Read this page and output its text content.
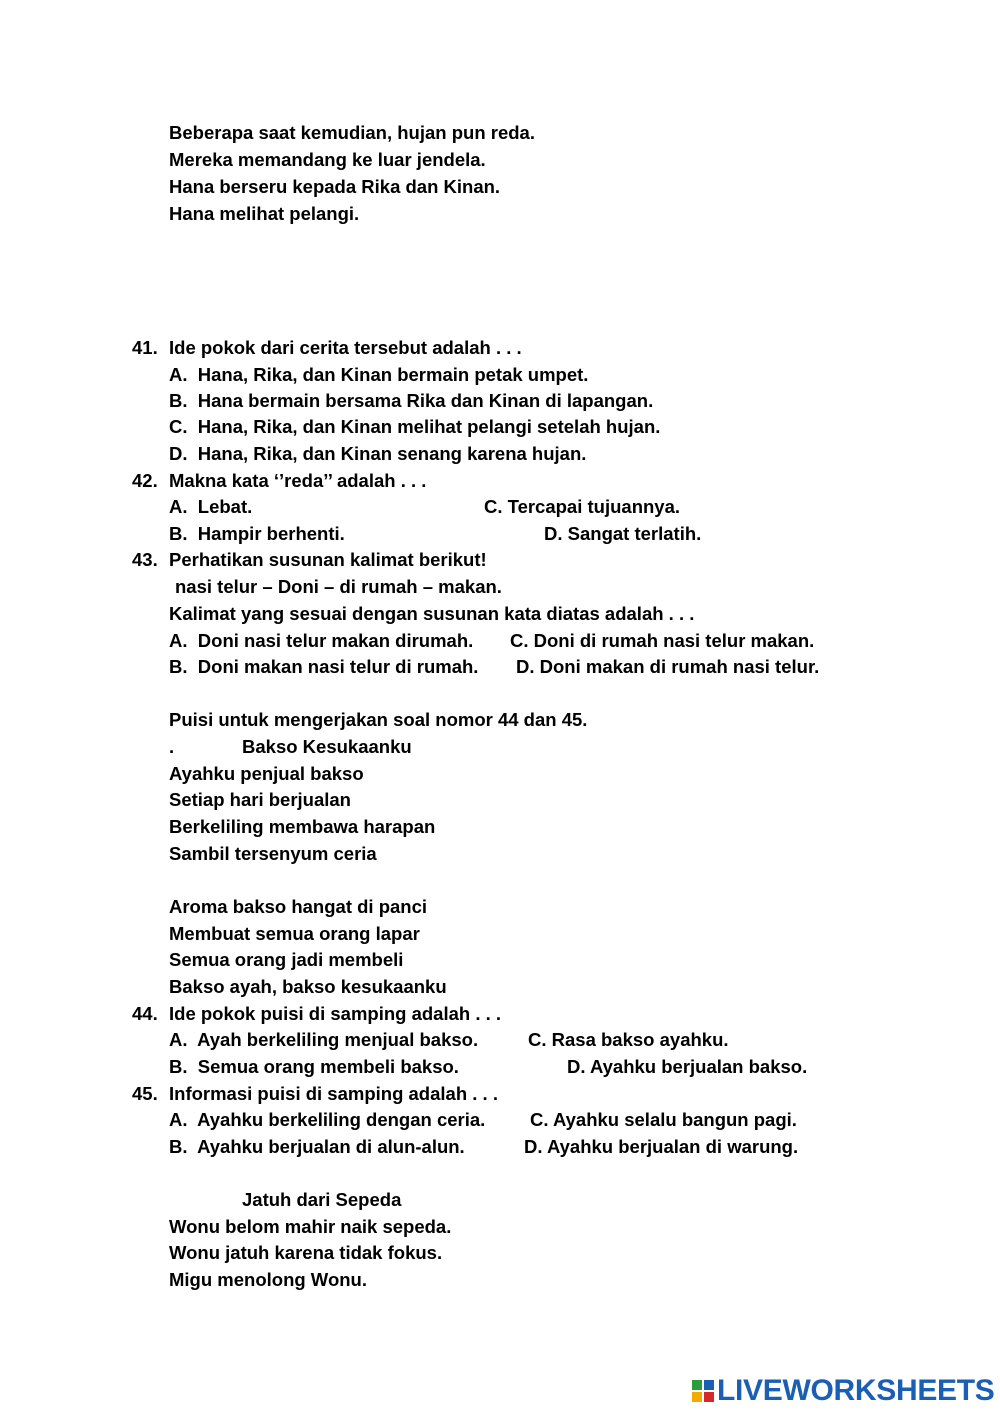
Beberapa saat kemudian, hujan pun reda.
Mereka memandang ke luar jendela.
Hana berseru kepada Rika dan Kinan.
Hana melihat pelangi.
41. Ide pokok dari cerita tersebut adalah . . .
A.  Hana, Rika, dan Kinan bermain petak umpet.
B.  Hana bermain bersama Rika dan Kinan di lapangan.
C.  Hana, Rika, dan Kinan melihat pelangi setelah hujan.
D.  Hana, Rika, dan Kinan senang karena hujan.
42. Makna kata ‘’reda’’ adalah . . .
A.  Lebat.	C. Tercapai tujuannya.
B.  Hampir berhenti.	D. Sangat terlatih.
43. Perhatikan susunan kalimat berikut!
nasi telur – Doni – di rumah – makan.
Kalimat yang sesuai dengan susunan kata diatas adalah . . .
A.  Doni nasi telur makan dirumah. C. Doni di rumah nasi telur makan.
B.  Doni makan nasi telur di rumah. D. Doni makan di rumah nasi telur.
Puisi untuk mengerjakan soal nomor 44 dan 45.
.	Bakso Kesukaanku
Ayahku penjual bakso
Setiap hari berjualan
Berkeliling membawa harapan
Sambil tersenyum ceria
Aroma bakso hangat di panci
Membuat semua orang lapar
Semua orang jadi membeli
Bakso ayah, bakso kesukaanku
44. Ide pokok puisi di samping adalah . . .
A.  Ayah berkeliling menjual bakso.	C. Rasa bakso ayahku.
B.  Semua orang membeli bakso.	D. Ayahku berjualan bakso.
45. Informasi puisi di samping adalah . . .
A.  Ayahku berkeliling dengan ceria. C. Ayahku selalu bangun pagi.
B.  Ayahku berjualan di alun-alun.	D. Ayahku berjualan di warung.
Jatuh dari Sepeda
Wonu belom mahir naik sepeda.
Wonu jatuh karena tidak fokus.
Migu menolong Wonu.
LIVEWORKSHEETS
